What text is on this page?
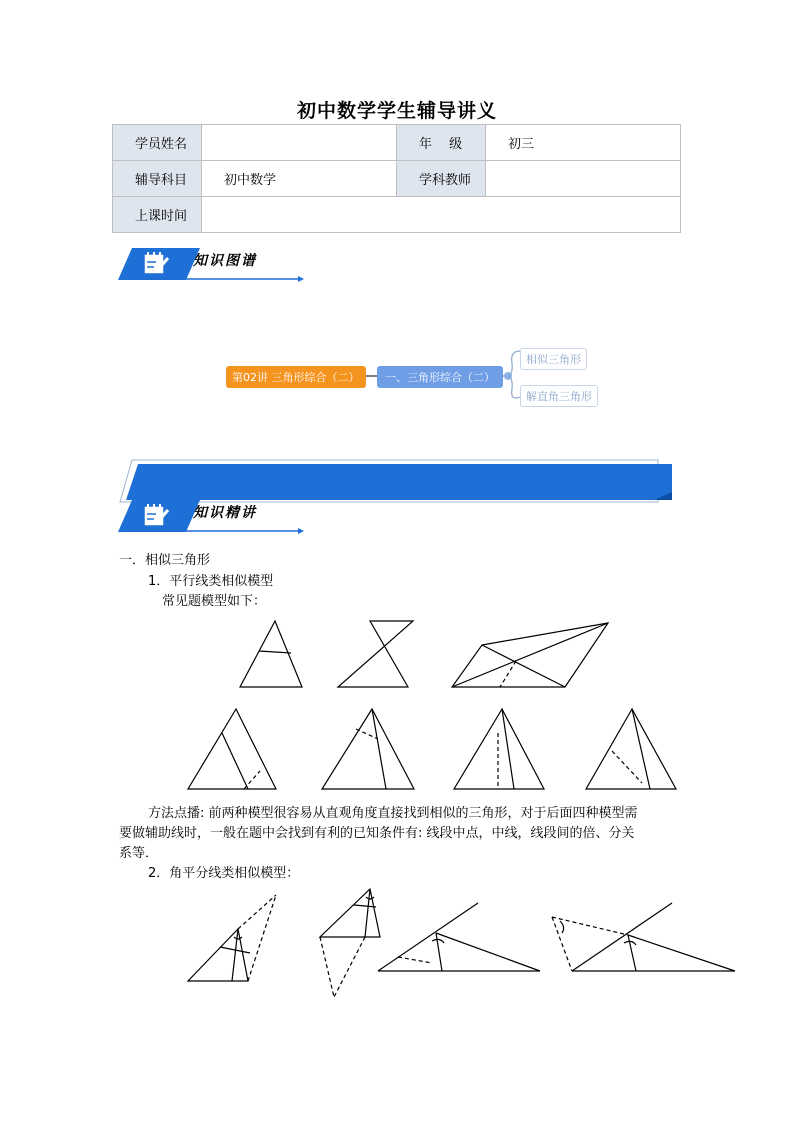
初中数学学生辅导讲义
学员姓名		年　 级	初三
辅导科目	初中数学	学科教师	
上课时间			
知识图谱
第02讲 三角形综合（二）	一、三角形综合（二）
相似三角形
解直角三角形
知识精讲
一．相似三角形
1．平行线类相似模型
常见题模型如下：
方法点播: 前两种模型很容易从直观角度直接找到相似的三角形，对于后面四种模型需
要做辅助线时，一般在题中会找到有利的已知条件有: 线段中点，中线，线段间的倍、分关
系等．
2．角平分线类相似模型：
